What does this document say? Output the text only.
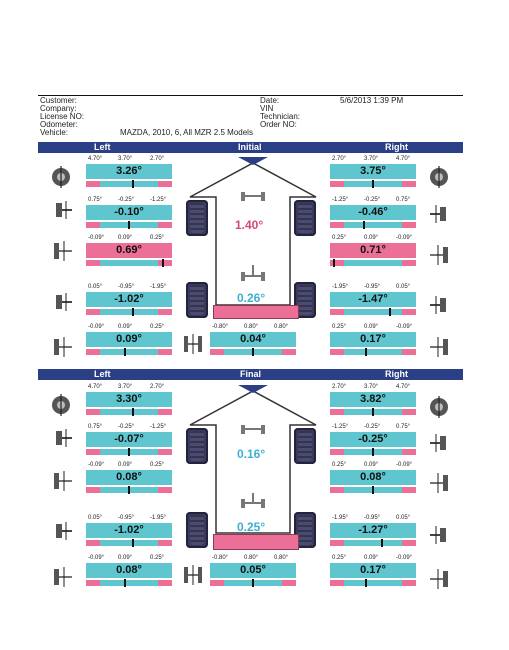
Customer:
Company:
License NO:
Odometer:
Vehicle:	MAZDA, 2010, 6, All MZR 2.5 Models
Date:	5/6/2013 1:39 PM
VIN
Technician:
Order NO:
Left	Initial	Right
4.70°	3.70°	2.70°
3.26°
0.75°	-0.25°	-1.25°
-0.10°
-0.09° 0.09°	0.25°
0.69°
2.70°	3.70°	4.70°
3.75°
-1.25°	-0.25°	0.75°
-0.46°
0.25°	0.09°	-0.09°
0.71°
1.40°
0.26°
0.05°	-0.95°	-1.95°
-1.02°
-0.09° 0.09°	0.25°
0.09°
-0.80°	0.80°	0.80°
0.04°
-1.95°	-0.95°	0.05°
-1.47°
0.25°	0.09°	-0.09°
0.17°
Left	Final	Right
4.70°	3.70°	2.70°
3.30°
0.75°	-0.25°	-1.25°
-0.07°
-0.09° 0.09°	0.25°
0.08°
2.70°	3.70°	4.70°
3.82°
-1.25°	-0.25°	0.75°
-0.25°
0.25°	0.09°	-0.09°
0.08°
0.16°
0.25°
0.05°	-0.95°	-1.95°
-1.02°
-0.09° 0.09°	0.25°
0.08°
-0.80°	0.80°	0.80°
0.05°
-1.95°	-0.95°	0.05°
-1.27°
0.25°	0.09°	-0.09°
0.17°
